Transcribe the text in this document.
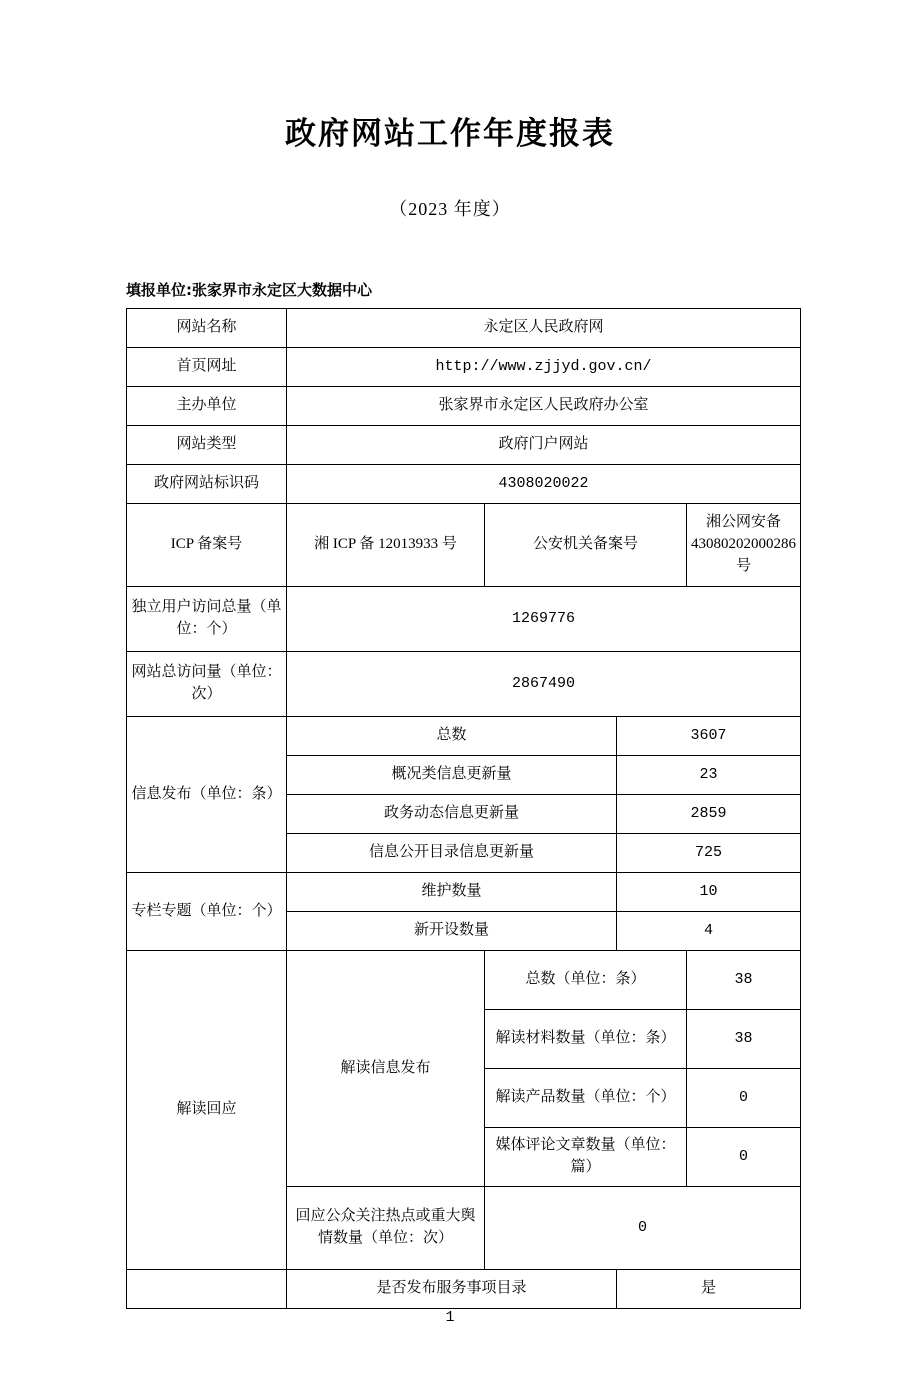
政府网站工作年度报表
（2023 年度）
填报单位:张家界市永定区大数据中心
网站名称	永定区人民政府网			
首页网址	http://www.zjjyd.gov.cn/			
主办单位	张家界市永定区人民政府办公室			
网站类型	政府门户网站			
政府网站标识码	4308020022			
ICP 备案号	湘 ICP 备 12013933 号	公安机关备案号		湘公网安备 43080202000286 号
独立用户访问总量（单位：个）	1269776			
网站总访问量（单位：次）	2867490			
信息发布（单位：条）	总数		3607	
	概况类信息更新量		23	
	政务动态信息更新量		2859	
	信息公开目录信息更新量		725	
专栏专题（单位：个）	维护数量		10	
	新开设数量		4	
解读回应	解读信息发布	总数（单位：条）		38
		解读材料数量（单位：条）		38
		解读产品数量（单位：个）		0
		媒体评论文章数量（单位：篇）		0
	回应公众关注热点或重大舆情数量（单位：次）	0		
	是否发布服务事项目录		是	
1
